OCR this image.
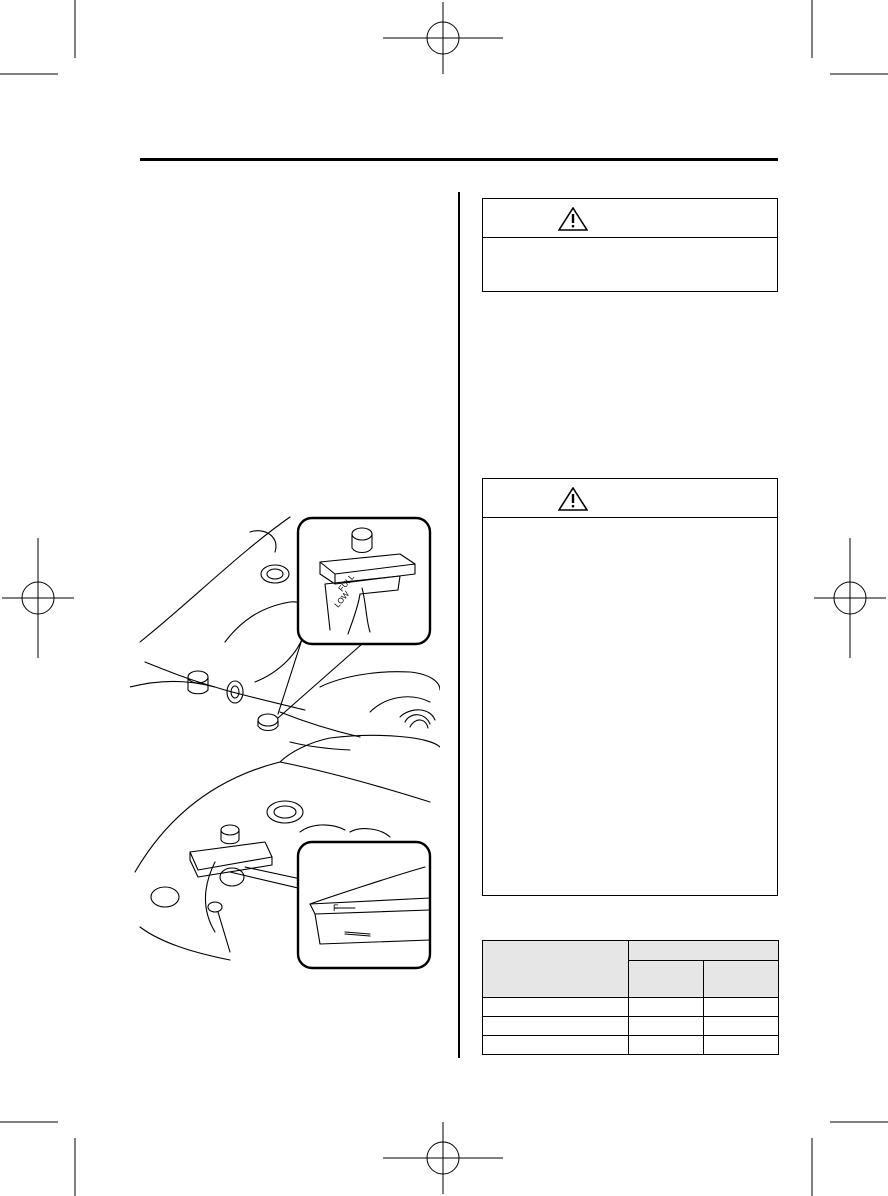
FULL
LOW
F
